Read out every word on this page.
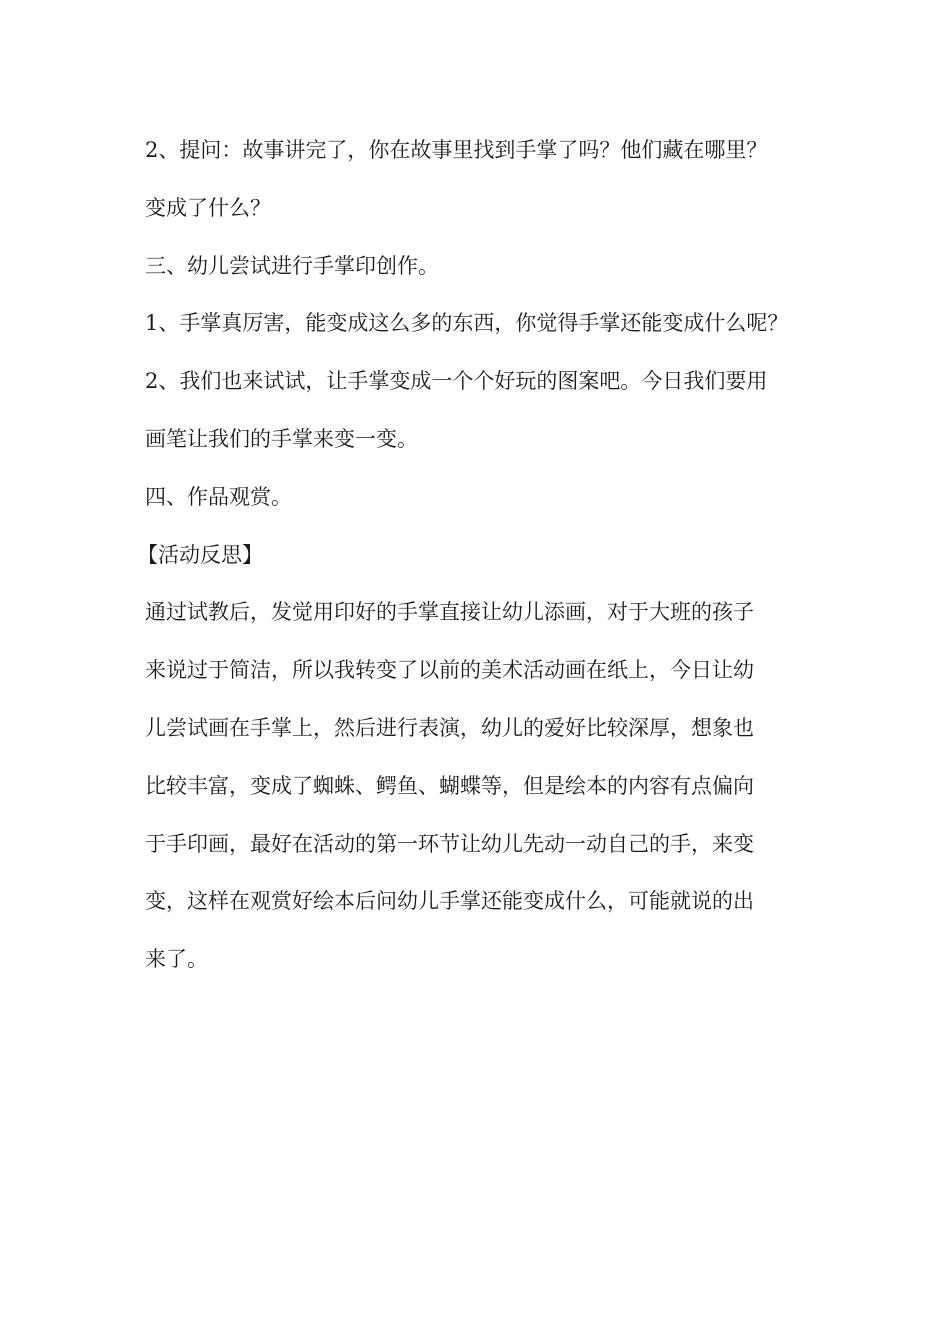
2、提问：故事讲完了，你在故事里找到手掌了吗？他们藏在哪里？
变成了什么？
三、幼儿尝试进行手掌印创作。
1、手掌真厉害，能变成这么多的东西，你觉得手掌还能变成什么呢？
2、我们也来试试，让手掌变成一个个好玩的图案吧。今日我们要用
画笔让我们的手掌来变一变。
四、作品观赏。
【活动反思】
通过试教后，发觉用印好的手掌直接让幼儿添画，对于大班的孩子
来说过于简洁，所以我转变了以前的美术活动画在纸上，今日让幼
儿尝试画在手掌上，然后进行表演，幼儿的爱好比较深厚，想象也
比较丰富，变成了蜘蛛、鳄鱼、蝴蝶等，但是绘本的内容有点偏向
于手印画，最好在活动的第一环节让幼儿先动一动自己的手，来变
变，这样在观赏好绘本后问幼儿手掌还能变成什么，可能就说的出
来了。
